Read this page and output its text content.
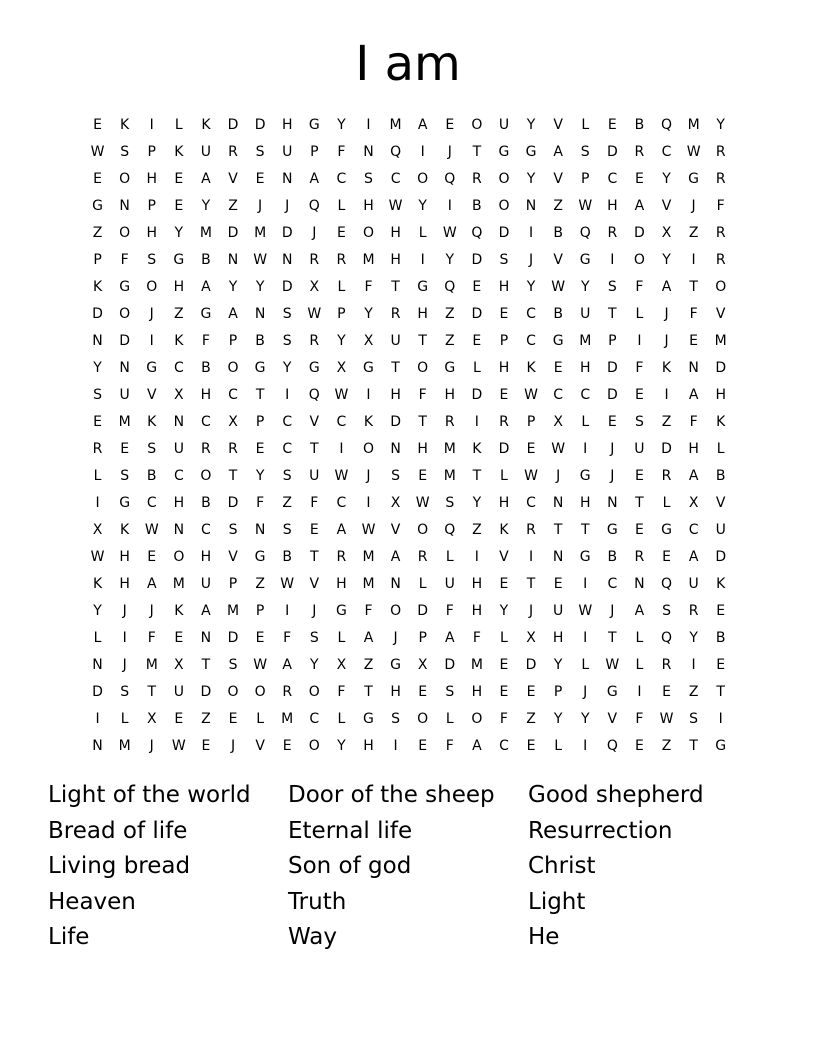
I am
E	K	I	L	K	D	D	H	G	Y	I	M	A	E	O	U	Y	V	L	E	B	Q	M	Y
W	S	P	K	U	R	S	U	P	F	N	Q	I	J	T	G	G	A	S	D	R	C	W	R
E	O	H	E	A	V	E	N	A	C	S	C	O	Q	R	O	Y	V	P	C	E	Y	G	R
G	N	P	E	Y	Z	J	J	Q	L	H	W	Y	I	B	O	N	Z	W	H	A	V	J	F
Z	O	H	Y	M	D	M	D	J	E	O	H	L	W	Q	D	I	B	Q	R	D	X	Z	R
P	F	S	G	B	N	W	N	R	R	M	H	I	Y	D	S	J	V	G	I	O	Y	I	R
K	G	O	H	A	Y	Y	D	X	L	F	T	G	Q	E	H	Y	W	Y	S	F	A	T	O
D	O	J	Z	G	A	N	S	W	P	Y	R	H	Z	D	E	C	B	U	T	L	J	F	V
N	D	I	K	F	P	B	S	R	Y	X	U	T	Z	E	P	C	G	M	P	I	J	E	M
Y	N	G	C	B	O	G	Y	G	X	G	T	O	G	L	H	K	E	H	D	F	K	N	D
S	U	V	X	H	C	T	I	Q	W	I	H	F	H	D	E	W	C	C	D	E	I	A	H
E	M	K	N	C	X	P	C	V	C	K	D	T	R	I	R	P	X	L	E	S	Z	F	K
R	E	S	U	R	R	E	C	T	I	O	N	H	M	K	D	E	W	I	J	U	D	H	L
L	S	B	C	O	T	Y	S	U	W	J	S	E	M	T	L	W	J	G	J	E	R	A	B
I	G	C	H	B	D	F	Z	F	C	I	X	W	S	Y	H	C	N	H	N	T	L	X	V
X	K	W	N	C	S	N	S	E	A	W	V	O	Q	Z	K	R	T	T	G	E	G	C	U
W	H	E	O	H	V	G	B	T	R	M	A	R	L	I	V	I	N	G	B	R	E	A	D
K	H	A	M	U	P	Z	W	V	H	M	N	L	U	H	E	T	E	I	C	N	Q	U	K
Y	J	J	K	A	M	P	I	J	G	F	O	D	F	H	Y	J	U	W	J	A	S	R	E
L	I	F	E	N	D	E	F	S	L	A	J	P	A	F	L	X	H	I	T	L	Q	Y	B
N	J	M	X	T	S	W	A	Y	X	Z	G	X	D	M	E	D	Y	L	W	L	R	I	E
D	S	T	U	D	O	O	R	O	F	T	H	E	S	H	E	E	P	J	G	I	E	Z	T
I	L	X	E	Z	E	L	M	C	L	G	S	O	L	O	F	Z	Y	Y	V	F	W	S	I
N	M	J	W	E	J	V	E	O	Y	H	I	E	F	A	C	E	L	I	Q	E	Z	T	G
Light of the world	Door of the sheep	Good shepherd
Bread of life	Eternal life	Resurrection
Living bread	Son of god	Christ
Heaven	Truth	Light
Life	Way	He
